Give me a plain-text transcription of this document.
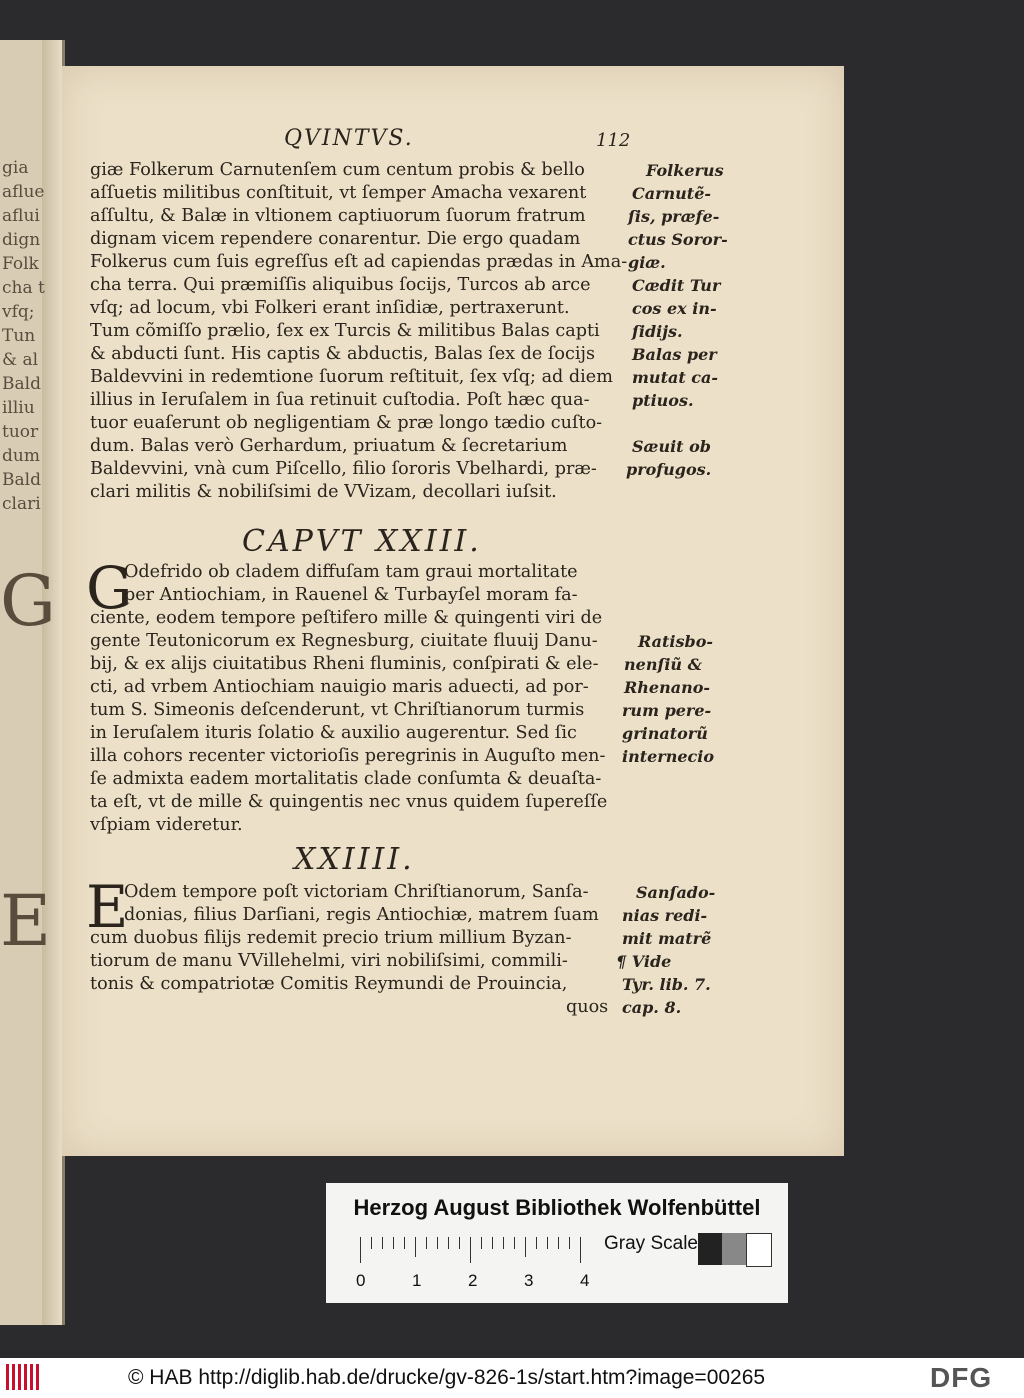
gia
aflue
aflui
dign
Folk
cha t
vfq;
Tun
& al
Bald
illiu
tuor
dum
Bald
clari
G
E
QVINTVS.	112
giæ Folkerum Carnutenſem cum centum probis & bello
aſſuetis militibus conſtituit, vt ſemper Amacha vexarent
aſſultu, & Balæ in vltionem captiuorum ſuorum fratrum
dignam vicem rependere conarentur. Die ergo quadam
Folkerus cum ſuis egreſſus eſt ad capiendas prædas in Ama-
cha terra. Qui præmiſſis aliquibus ſocijs, Turcos ab arce
vſq; ad locum, vbi Folkeri erant inſidiæ, pertraxerunt.
Tum cõmiſſo prælio, ſex ex Turcis & militibus Balas capti
& abducti ſunt. His captis & abductis, Balas ſex de ſocijs
Baldevvini in redemtione ſuorum reſtituit, ſex vſq; ad diem
illius in Ieruſalem in ſua retinuit cuſtodia. Poſt hæc qua-
tuor euaſerunt ob negligentiam & præ longo tædio cuſto-
dum. Balas verò Gerhardum, priuatum & ſecretarium
Baldevvini, vnà cum Piſcello, filio ſororis Vbelhardi, præ-
clari militis & nobiliſsimi de VVizam, decollari iuſsit.
Folkerus
Carnutẽ-
ſis, præfe-
ctus Soror-
giæ.
Cædit Tur
cos ex in-
ſidijs.
Balas per
mutat ca-
ptiuos.
Sæuit ob
profugos.
CAPVT XXIII.
G
Odefrido ob cladem diffuſam tam graui mortalitate
per Antiochiam, in Rauenel & Turbayſel moram fa-
ciente, eodem tempore peſtifero mille & quingenti viri de
gente Teutonicorum ex Regnesburg, ciuitate fluuij Danu-
bij, & ex alijs ciuitatibus Rheni fluminis, conſpirati & ele-
cti, ad vrbem Antiochiam nauigio maris aduecti, ad por-
tum S. Simeonis deſcenderunt, vt Chriſtianorum turmis
in Ieruſalem ituris ſolatio & auxilio augerentur. Sed ſic
illa cohors recenter victorioſis peregrinis in Auguſto men-
ſe admixta eadem mortalitatis clade conſumta & deuaſta-
ta eſt, vt de mille & quingentis nec vnus quidem ſupereſſe
vſpiam videretur.
Ratisbo-
nenſiũ &
Rhenano-
rum pere-
grinatorũ
internecio
XXIIII.
E
Odem tempore poſt victoriam Chriſtianorum, Sanſa-
donias, filius Darſiani, regis Antiochiæ, matrem ſuam
cum duobus filijs redemit precio trium millium Byzan-
tiorum de manu VVillehelmi, viri nobiliſsimi, commili-
tonis & compatriotæ Comitis Reymundi de Prouincia,
quos
Sanſado-
nias redi-
mit matrẽ
¶ Vide
Tyr. lib. 7.
cap. 8.
Herzog August Bibliothek Wolfenbüttel
0	1	2	3	4
Gray Scale
© HAB http://diglib.hab.de/drucke/gv-826-1s/start.htm?image=00265	DFG
